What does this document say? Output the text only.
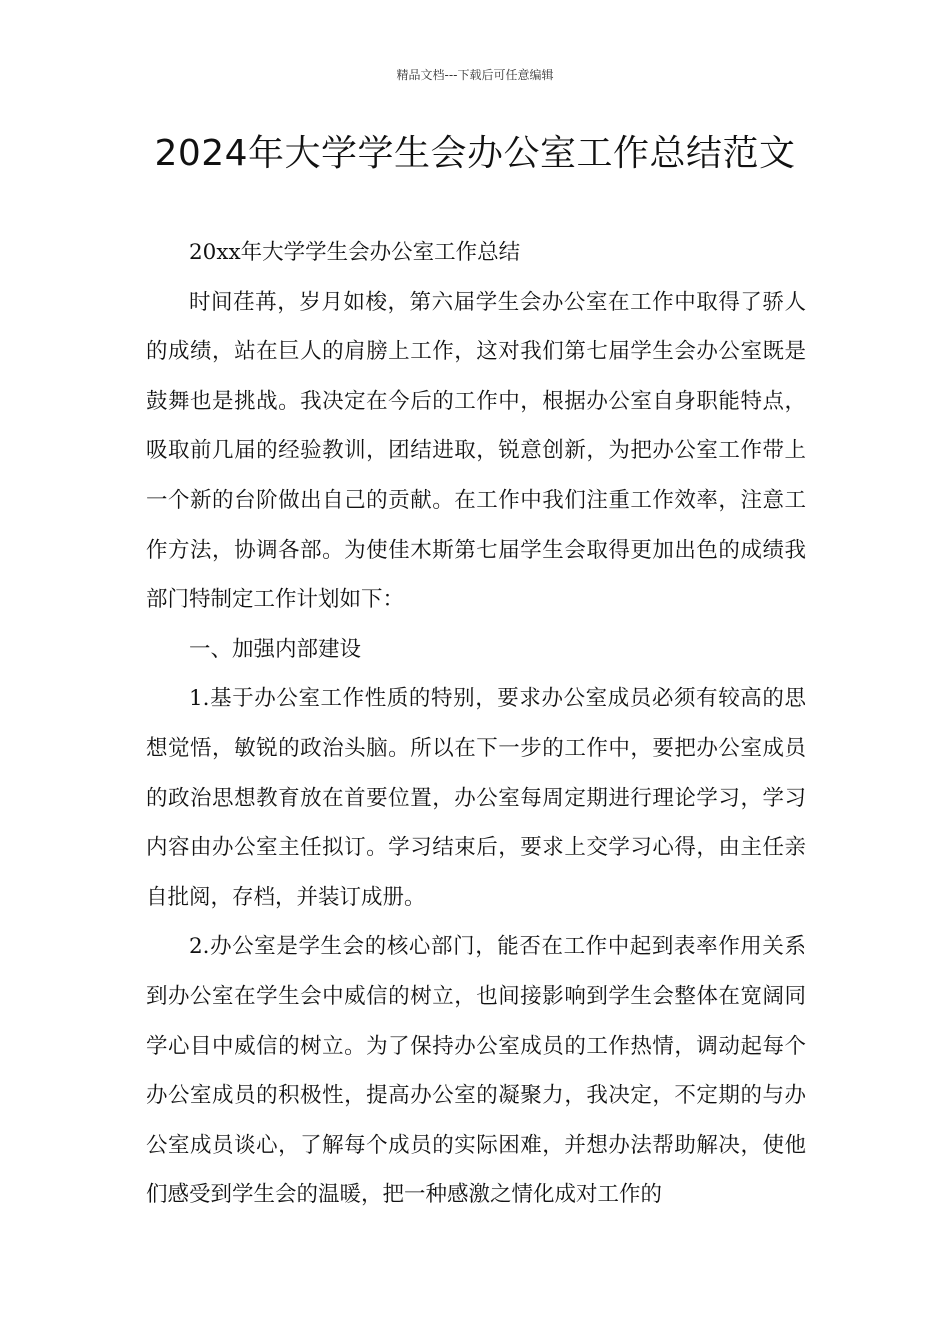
精品文档---下载后可任意编辑
2024年大学学生会办公室工作总结范文

20xx年大学学生会办公室工作总结

时间荏苒，岁月如梭，第六届学生会办公室在工作中取得了骄人的成绩，站在巨人的肩膀上工作，这对我们第七届学生会办公室既是鼓舞也是挑战。我决定在今后的工作中，根据办公室自身职能特点，吸取前几届的经验教训，团结进取，锐意创新，为把办公室工作带上一个新的台阶做出自己的贡献。在工作中我们注重工作效率，注意工作方法，协调各部。为使佳木斯第七届学生会取得更加出色的成绩我部门特制定工作计划如下：

一、加强内部建设

1.基于办公室工作性质的特别，要求办公室成员必须有较高的思想觉悟，敏锐的政治头脑。所以在下一步的工作中，要把办公室成员的政治思想教育放在首要位置，办公室每周定期进行理论学习，学习内容由办公室主任拟订。学习结束后，要求上交学习心得，由主任亲自批阅，存档，并装订成册。

2.办公室是学生会的核心部门，能否在工作中起到表率作用关系到办公室在学生会中威信的树立，也间接影响到学生会整体在宽阔同学心目中威信的树立。为了保持办公室成员的工作热情，调动起每个办公室成员的积极性，提高办公室的凝聚力，我决定，不定期的与办公室成员谈心，了解每个成员的实际困难，并想办法帮助解决，使他们感受到学生会的温暖，把一种感激之情化成对工作的
